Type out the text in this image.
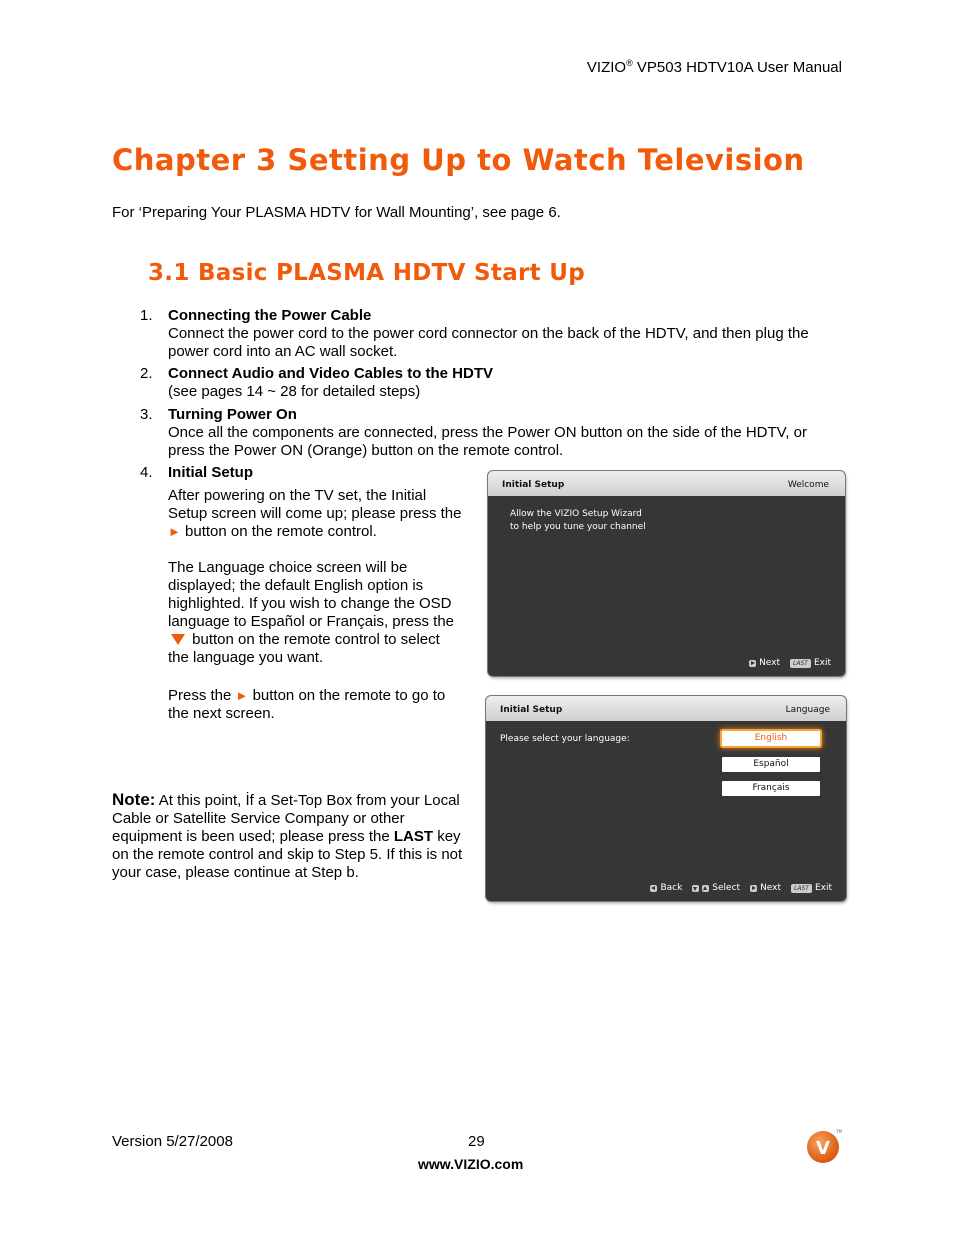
VIZIO® VP503 HDTV10A User Manual
Chapter 3 Setting Up to Watch Television
For ‘Preparing Your PLASMA HDTV for Wall Mounting’, see page 6.
3.1 Basic PLASMA HDTV Start Up
1.	Connecting the Power Cable
Connect the power cord to the power cord connector on the back of the HDTV, and then plug the power cord into an AC wall socket.
2.	Connect Audio and Video Cables to the HDTV
(see pages 14 ~ 28 for detailed steps)
3.	Turning Power On
Once all the components are connected, press the Power ON button on the side of the HDTV, or press the Power ON (Orange) button on the remote control.
4.	Initial Setup
After powering on the TV set, the Initial Setup screen will come up; please press the ► button on the remote control.
The Language choice screen will be displayed; the default English option is highlighted. If you wish to change the OSD language to Español or Français, press the  button on the remote control to select the language you want.
Press the ► button on the remote to go to the next screen.
Note: At this point, İf a Set-Top Box from your Local Cable or Satellite Service Company or other equipment is been used; please press the LAST key on the remote control and skip to Step 5. If this is not your case, please continue at Step b.
Initial Setup	Welcome
Allow the VIZIO Setup Wizard
to help you tune your channel
Next	LAST Exit
Initial Setup	Language
Please select your language:	English
Español
Français
Back	Select Next	LAST Exit
Version 5/27/2008	29
www.VIZIO.com
V
TM
